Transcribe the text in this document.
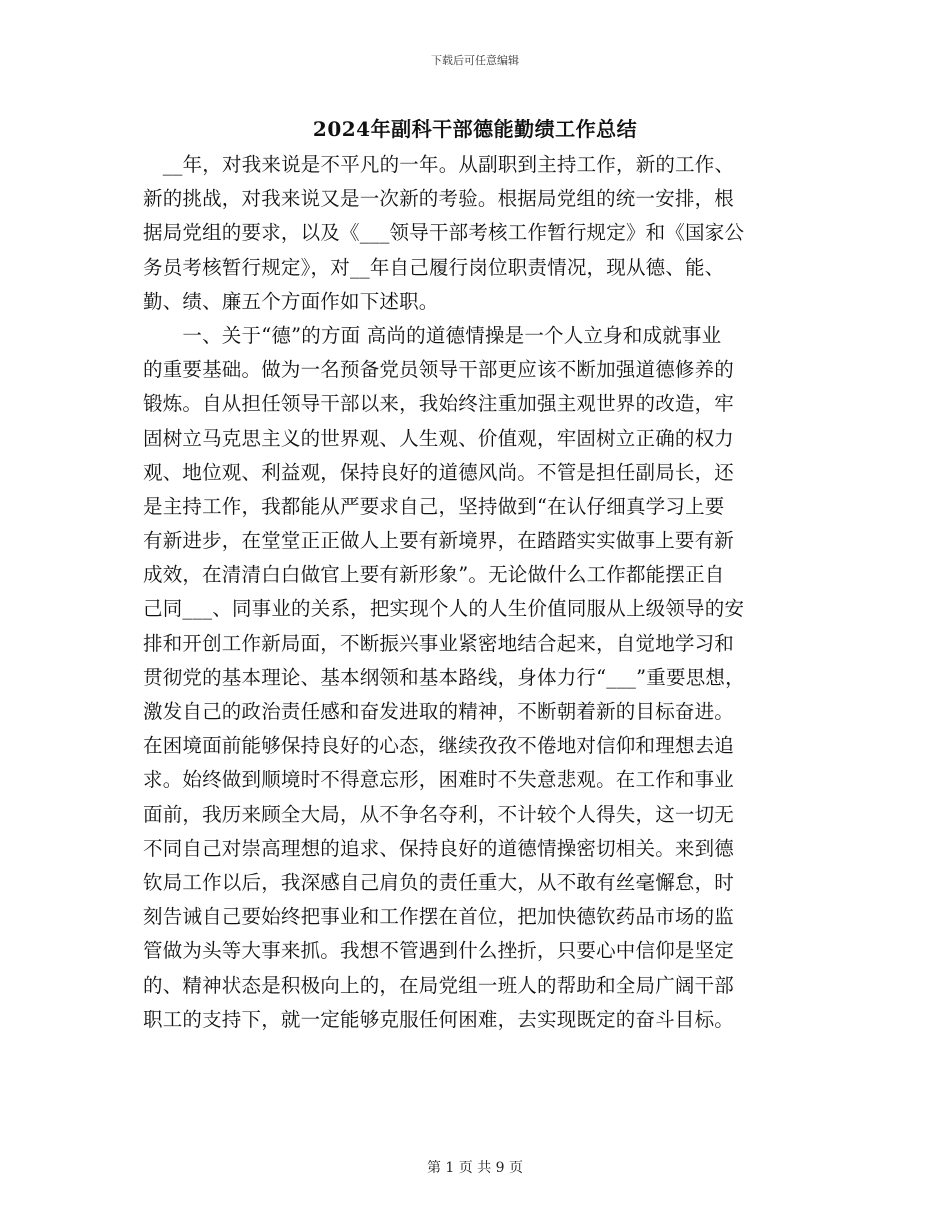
下载后可任意编辑
2024年副科干部德能勤绩工作总结
　__年，对我来说是不平凡的一年。从副职到主持工作，新的工作、
新的挑战，对我来说又是一次新的考验。根据局党组的统一安排，根
据局党组的要求，以及《___领导干部考核工作暂行规定》和《国家公
务员考核暂行规定》，对__年自己履行岗位职责情况，现从德、能、
勤、绩、廉五个方面作如下述职。
　　一、关于“德”的方面 高尚的道德情操是一个人立身和成就事业
的重要基础。做为一名预备党员领导干部更应该不断加强道德修养的
锻炼。自从担任领导干部以来，我始终注重加强主观世界的改造，牢
固树立马克思主义的世界观、人生观、价值观，牢固树立正确的权力
观、地位观、利益观，保持良好的道德风尚。不管是担任副局长，还
是主持工作，我都能从严要求自己，坚持做到“在认仔细真学习上要
有新进步，在堂堂正正做人上要有新境界，在踏踏实实做事上要有新
成效，在清清白白做官上要有新形象”。无论做什么工作都能摆正自
己同___、同事业的关系，把实现个人的人生价值同服从上级领导的安
排和开创工作新局面，不断振兴事业紧密地结合起来，自觉地学习和
贯彻党的基本理论、基本纲领和基本路线，身体力行“___”重要思想，
激发自己的政治责任感和奋发进取的精神，不断朝着新的目标奋进。
在困境面前能够保持良好的心态，继续孜孜不倦地对信仰和理想去追
求。始终做到顺境时不得意忘形，困难时不失意悲观。在工作和事业
面前，我历来顾全大局，从不争名夺利，不计较个人得失，这一切无
不同自己对崇高理想的追求、保持良好的道德情操密切相关。来到德
钦局工作以后，我深感自己肩负的责任重大，从不敢有丝毫懈怠，时
刻告诫自己要始终把事业和工作摆在首位，把加快德钦药品市场的监
管做为头等大事来抓。我想不管遇到什么挫折，只要心中信仰是坚定
的、精神状态是积极向上的，在局党组一班人的帮助和全局广阔干部
职工的支持下，就一定能够克服任何困难，去实现既定的奋斗目标。
第 1 页 共 9 页
